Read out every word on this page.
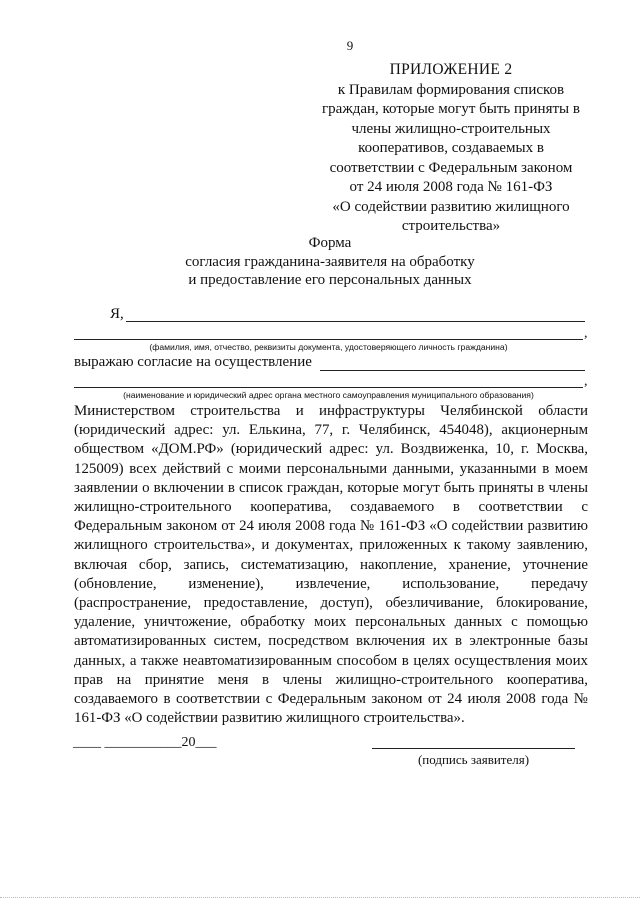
9
ПРИЛОЖЕНИЕ 2
к Правилам формирования списков
граждан, которые могут быть приняты в
члены жилищно-строительных
кооперативов, создаваемых в
соответствии с Федеральным законом
от 24 июля 2008 года № 161-ФЗ
«О содействии развитию жилищного
строительства»
Форма
согласия гражданина-заявителя на обработку
и предоставление его персональных данных
Я,
,
(фамилия, имя, отчество, реквизиты документа, удостоверяющего личность гражданина)
выражаю согласие на осуществление
,
(наименование и юридический адрес органа местного самоуправления муниципального образования)
Министерством строительства и инфраструктуры Челябинской области (юридический адрес: ул. Елькина, 77, г. Челябинск, 454048), акционерным обществом «ДОМ.РФ» (юридический адрес: ул. Воздвиженка, 10, г. Москва, 125009) всех действий с моими персональными данными, указанными в моем заявлении о включении в список граждан, которые могут быть приняты в члены жилищно-строительного кооператива, создаваемого в соответствии с Федеральным законом от 24 июля 2008 года № 161-ФЗ «О содействии развитию жилищного строительства», и документах, приложенных к такому заявлению, включая сбор, запись, систематизацию, накопление, хранение, уточнение (обновление, изменение), извлечение, использование, передачу (распространение, предоставление, доступ), обезличивание, блокирование, удаление, уничтожение, обработку моих персональных данных с помощью автоматизированных систем, посредством включения их в электронные базы данных, а также неавтоматизированным способом в целях осуществления моих прав на принятие меня в члены жилищно-строительного кооператива, создаваемого в соответствии с Федеральным законом от 24 июля 2008 года № 161-ФЗ «О содействии развитию жилищного строительства».
____ ___________20___
(подпись заявителя)
